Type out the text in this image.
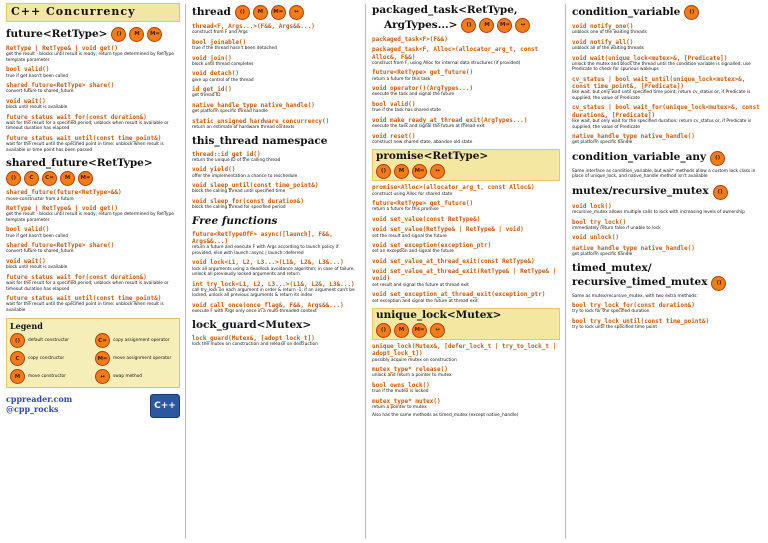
C++ Concurrency
future<RetType>	() M M=
RetType | RetType& | void get()
get the result - blocks until result is ready; return type determined by RetType template parameter
bool valid()
true if get hasn't been called
shared_future<RetType> share()
convert future to shared_future
void wait()
block until result is available
future_status wait_for(const duration&)
wait for the result for a specified period; unblock when result is available or timeout duration has elapsed
future_status wait_until(const time_point&)
wait for the result until the specified point in time; unblock when result is available or time point has been passed
shared_future<RetType>
() C C= M M=
shared_future(future<RetType>&&)
move-constructor from a future
RetType | RetType& | void get()
get the result - blocks until result is ready; return type determined by RetType template parameter
bool valid()
true if get hasn't been called
shared_future<RetType> share()
convert future to shared_future
void wait()
block until result is available
future_status wait_for(const duration&)
wait for the result for a specified period; unblock when result is available or timeout duration has elapsed
future_status wait_until(const time_point&)
wait for the result until the specified point in time; unblock when result is available
Legend
()	default constructor	C=	copy assignment operator
C	copy constructor	M=	move assignment operator
M	move constructor	↔	swap method
cppreader.com
@cpp_rocks	C++
thread	() M M= ↔
thread<F, Args...>(F&&, Args&&...)
construct from F and Args
bool joinable()
true if the thread hasn't been detached
void join()
block until thread completes
void detach()
give up control of the thread
id get_id()
get thread ID
native_handle_type native_handle()
get platform specific thread handle
static unsigned hardware_concurrency()
return an estimate of hardware thread contexts
this_thread namespace
thread::id get_id()
return the unique ID of the calling thread
void yield()
offer the implementation a chance to reschedule
void sleep_until(const time_point&)
block the calling thread until specified time
void sleep_for(const duration&)
block the calling thread for specified period
Free functions
future<RetTypeOfF> async([launch], F&&, Args&&...)
return a future and execute F with Args according to launch policy if provided, else with launch::async | launch::deferred
void lock<L1, L2, L3...>(L1&, L2&, L3&...)
lock all arguments using a deadlock avoidance algorithm; in case of failure, unlock all previously locked arguments and return
int try_lock<L1, L2, L3...>(L1&, L2&, L3&...)
call try_lock on each argument in order & return -1; if an argument can't be locked, unlock all previous arguments & return its index
void call_once(once_flag&, F&&, Args&&...)
execute F with Args only once in a multi-threaded context
lock_guard<Mutex>
lock_guard(Mutex&, [adopt_lock_t])
lock the mutex on construction and release on destruction
packaged_task<RetType,
ArgTypes...>	() M M= ↔
packaged_task<F>(F&&)
packaged_task<F, Alloc>(allocator_arg_t, const Alloc&, F&&)
construct from F, using Alloc for internal data structures (if provided)
future<RetType> get_future()
return a future for this task
void operator()(ArgTypes...)
execute the task and signal the future
bool valid()
true if the task has shared state
void make_ready_at_thread_exit(ArgTypes...)
execute the task and signal the future at thread exit
void reset()
construct new shared state, abandon old state
promise<RetType>
() M M= ↔
promise<Alloc>(allocator_arg_t, const Alloc&)
construct using Alloc for shared state
future<RetType> get_future()
return a future for this promise
void set_value(const RetType&)
void set_value(RetType& | RetType& | void)
set the result and signal the future
void set_exception(exception_ptr)
set an exception and signal the future
void set_value_at_thread_exit(const RetType&)
void set_value_at_thread_exit(RetType& | RetType& | void)
set result and signal the future at thread exit
void set_exception_at_thread_exit(exception_ptr)
set exception and signal the future at thread exit
unique_lock<Mutex>
() M M= ↔
unique_lock(Mutex&, [defer_lock_t | try_to_lock_t | adopt_lock_t])
possibly acquire mutex on construction
mutex_type* release()
unlock and return a pointer to mutex
bool owns_lock()
true if the mutex is locked
mutex_type* mutex()
return a pointer to mutex
Also has the same methods as timed_mutex (except native_handle)
condition_variable	()
void notify_one()
unblock one of the waiting threads
void notify_all()
unblock all of the waiting threads
void wait(unique_lock<mutex>&, [Predicate])
unlock the mutex and block the thread until the condition variable is signalled; use Predicate to check for spurious wakeups
cv_status | bool wait_until(unique_lock<mutex>&, const time_point&, [Predicate])
like wait, but only wait until specified time point; return cv_status or, if Predicate is supplied, the value of Predicate
cv_status | bool wait_for(unique_lock<mutex>&, const duration&, [Predicate])
like wait, but only wait for the specified duration; return cv_status or, if Predicate is supplied, the value of Predicate
native_handle_type native_handle()
get platform specific handle
condition_variable_any	()
Same interface as condition_variable, but wait* methods allow a custom lock class in place of unique_lock, and native_handle method isn't available
mutex/recursive_mutex	()
void lock()
recursive_mutex allows multiple calls to lock with increasing levels of ownership
bool try_lock()
immediately return false if unable to lock
void unlock()
native_handle_type native_handle()
get platform specific handle
timed_mutex/
recursive_timed_mutex	()
Same as mutex/recursive_mutex, with two extra methods:
bool try_lock_for(const duration&)
try to lock for the specified duration
bool try_lock_until(const time_point&)
try to lock until the specified time point
